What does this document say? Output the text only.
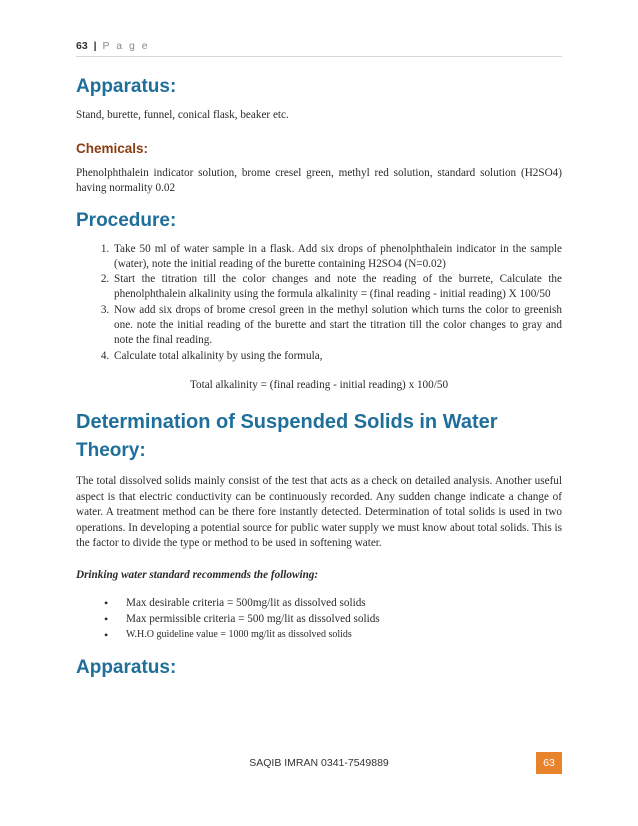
63 | P a g e
Apparatus:

Stand, burette, funnel, conical flask, beaker etc.

Chemicals:

Phenolphthalein indicator solution, brome cresel green, methyl red solution, standard solution (H2SO4) having normality 0.02

Procedure:
1. Take 50 ml of water sample in a flask. Add six drops of phenolphthalein indicator in the sample (water), note the initial reading of the burette containing H2SO4 (N=0.02)
2. Start the titration till the color changes and note the reading of the burrete, Calculate the phenolphthalein alkalinity using the formula alkalinity = (final reading - initial reading) X 100/50
3. Now add six drops of brome cresol green in the methyl solution which turns the color to greenish one. note the initial reading of the burette and start the titration till the color changes to gray and note the final reading.
4. Calculate total alkalinity by using the formula,

Total alkalinity = (final reading - initial reading) x 100/50

Determination of Suspended Solids in Water
Theory:

The total dissolved solids mainly consist of the test that acts as a check on detailed analysis. Another useful aspect is that electric conductivity can be continuously recorded. Any sudden change indicate a change of water. A treatment method can be there fore instantly detected. Determination of total solids is used in two operations. In developing a potential source for public water supply we must know about total solids. This is the factor to divide the type or method to be used in softening water.

Drinking water standard recommends the following:

• Max desirable criteria = 500mg/lit as dissolved solids
• Max permissible criteria = 500 mg/lit as dissolved solids
• W.H.O guideline value = 1000 mg/lit as dissolved solids
Apparatus:
SAQIB IMRAN 0341-7549889	63
